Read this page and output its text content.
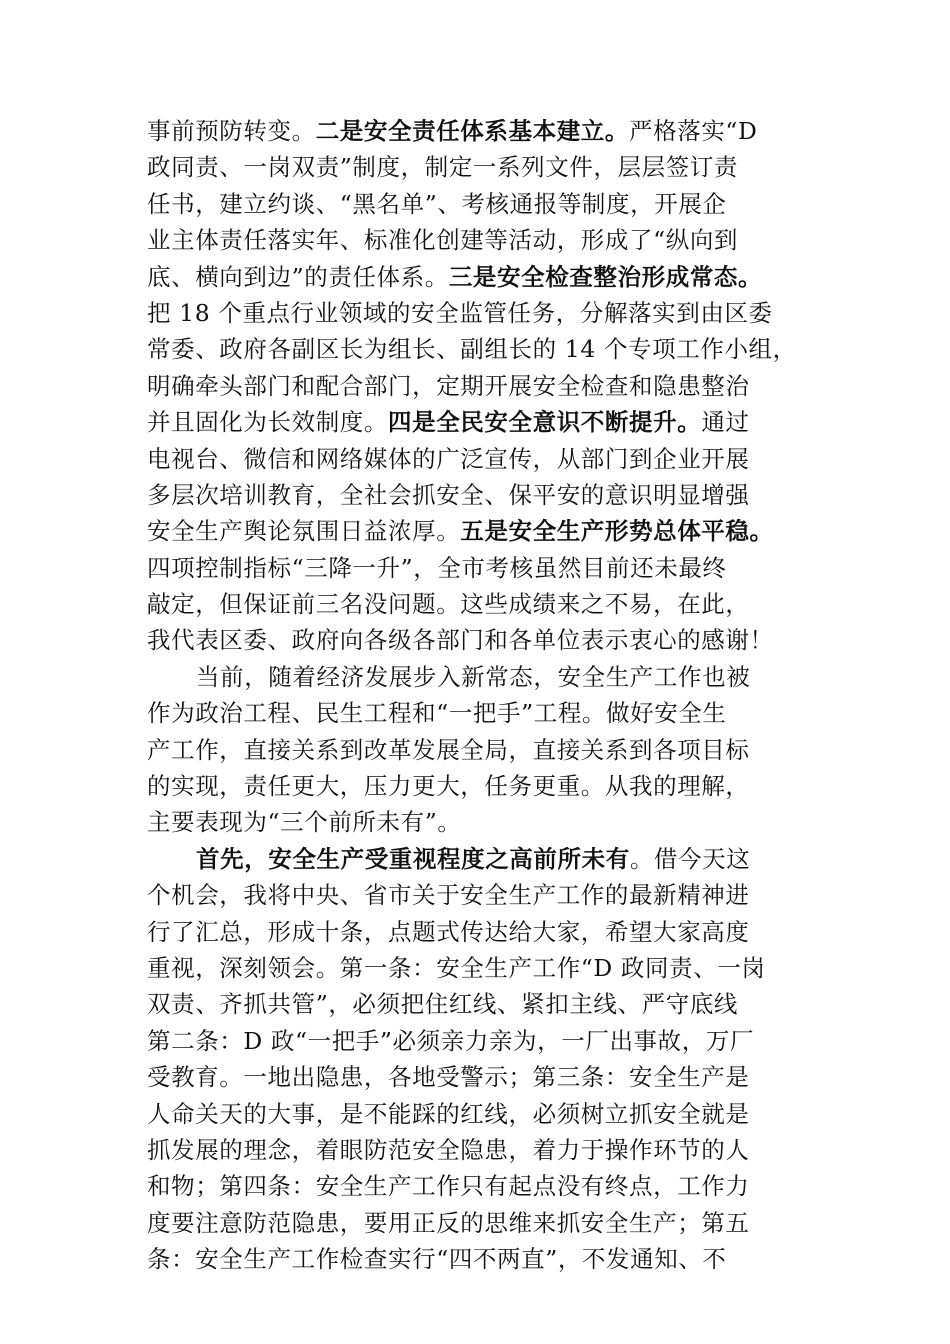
事前预防转变。二是安全责任体系基本建立。严格落实“D
政同责、一岗双责”制度，制定一系列文件，层层签订责
任书，建立约谈、“黑名单”、考核通报等制度，开展企
业主体责任落实年、标准化创建等活动，形成了“纵向到
底、横向到边”的责任体系。三是安全检查整治形成常态。
把 18 个重点行业领域的安全监管任务，分解落实到由区委
常委、政府各副区长为组长、副组长的 14 个专项工作小组，
明确牵头部门和配合部门，定期开展安全检查和隐患整治
并且固化为长效制度。四是全民安全意识不断提升。通过
电视台、微信和网络媒体的广泛宣传，从部门到企业开展
多层次培训教育，全社会抓安全、保平安的意识明显增强
安全生产舆论氛围日益浓厚。五是安全生产形势总体平稳。
四项控制指标“三降一升”，全市考核虽然目前还未最终
敲定，但保证前三名没问题。这些成绩来之不易，在此，
我代表区委、政府向各级各部门和各单位表示衷心的感谢！
当前，随着经济发展步入新常态，安全生产工作也被
作为政治工程、民生工程和“一把手”工程。做好安全生
产工作，直接关系到改革发展全局，直接关系到各项目标
的实现，责任更大，压力更大，任务更重。从我的理解，
主要表现为“三个前所未有”。
首先，安全生产受重视程度之高前所未有。借今天这
个机会，我将中央、省市关于安全生产工作的最新精神进
行了汇总，形成十条，点题式传达给大家，希望大家高度
重视，深刻领会。第一条：安全生产工作“D 政同责、一岗
双责、齐抓共管”，必须把住红线、紧扣主线、严守底线
第二条：D 政“一把手”必须亲力亲为，一厂出事故，万厂
受教育。一地出隐患，各地受警示；第三条：安全生产是
人命关天的大事，是不能踩的红线，必须树立抓安全就是
抓发展的理念，着眼防范安全隐患，着力于操作环节的人
和物；第四条：安全生产工作只有起点没有终点，工作力
度要注意防范隐患，要用正反的思维来抓安全生产；第五
条：安全生产工作检查实行“四不两直”，不发通知、不
